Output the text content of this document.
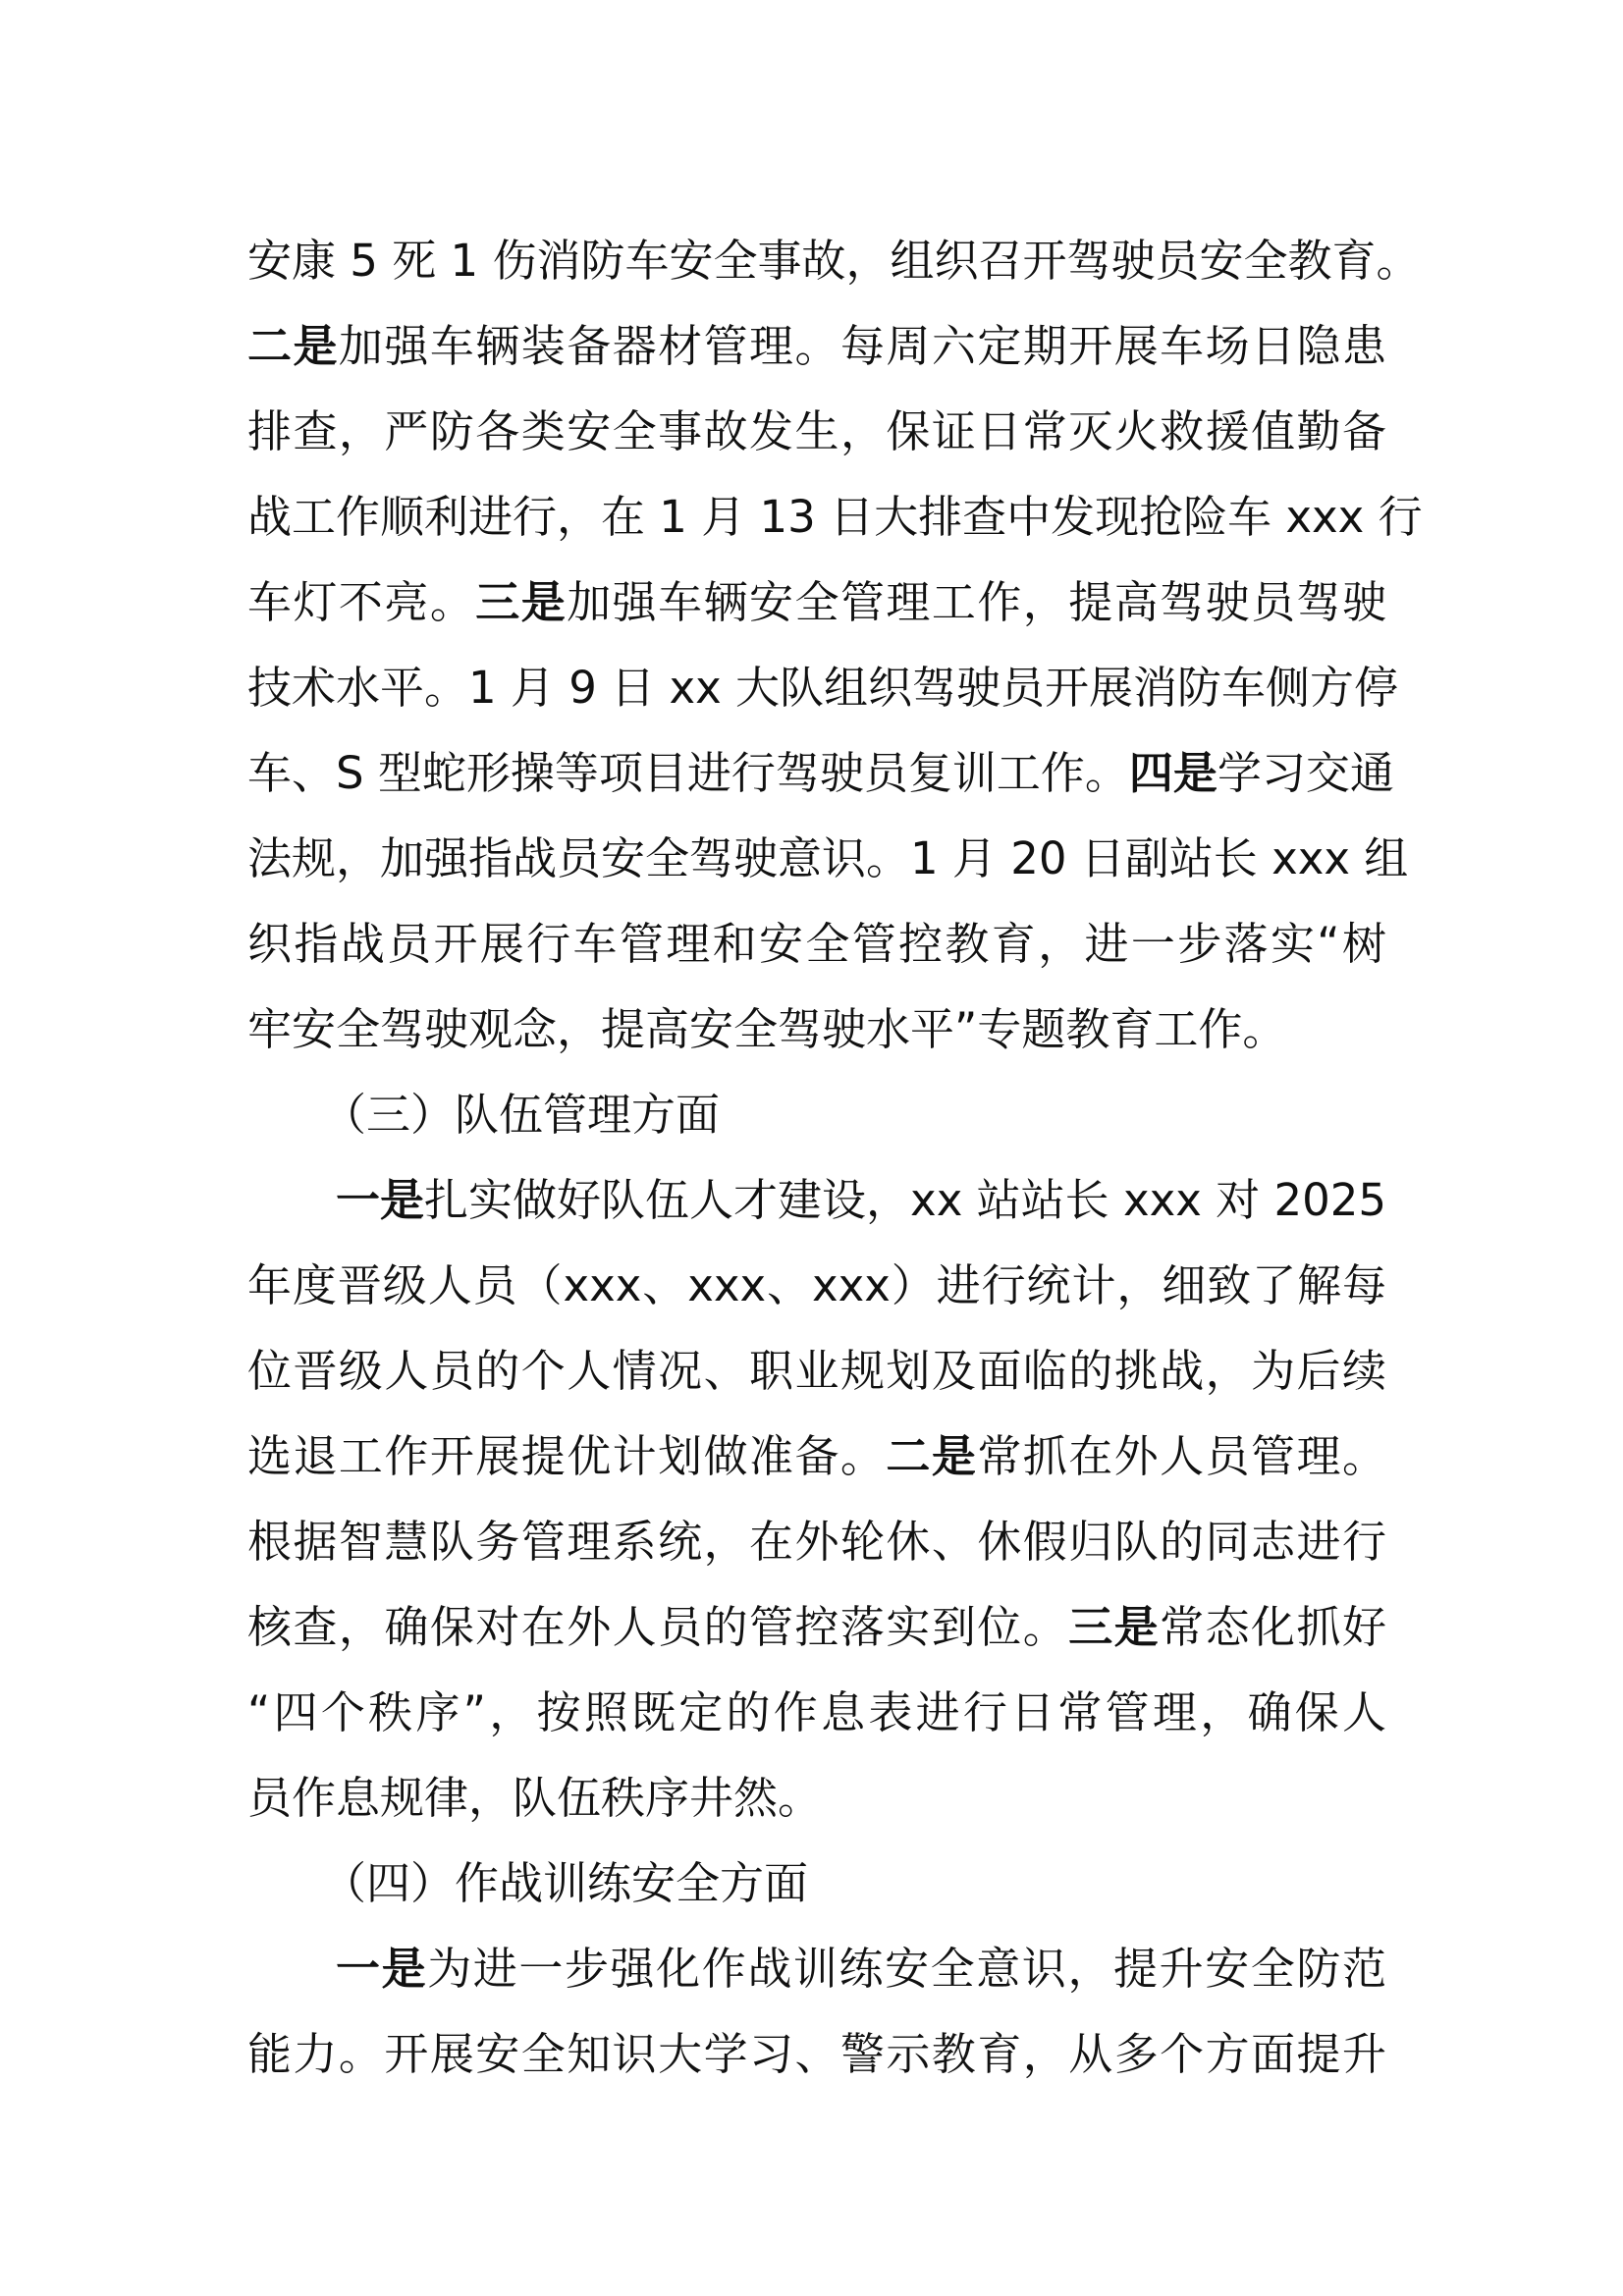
安康 5 死 1 伤消防车安全事故，组织召开驾驶员安全教育。
二是加强车辆装备器材管理。每周六定期开展车场日隐患
排查，严防各类安全事故发生，保证日常灭火救援值勤备
战工作顺利进行，在 1 月 13 日大排查中发现抢险车 xxx 行
车灯不亮。三是加强车辆安全管理工作，提高驾驶员驾驶
技术水平。1 月 9 日 xx 大队组织驾驶员开展消防车侧方停
车、S 型蛇形操等项目进行驾驶员复训工作。四是学习交通
法规，加强指战员安全驾驶意识。1 月 20 日副站长 xxx 组
织指战员开展行车管理和安全管控教育，进一步落实“树
牢安全驾驶观念，提高安全驾驶水平”专题教育工作。
（三）队伍管理方面
一是扎实做好队伍人才建设，xx 站站长 xxx 对 2025
年度晋级人员（xxx、xxx、xxx）进行统计，细致了解每
位晋级人员的个人情况、职业规划及面临的挑战，为后续
选退工作开展提优计划做准备。二是常抓在外人员管理。
根据智慧队务管理系统，在外轮休、休假归队的同志进行
核查，确保对在外人员的管控落实到位。三是常态化抓好
“四个秩序”，按照既定的作息表进行日常管理，确保人
员作息规律，队伍秩序井然。
（四）作战训练安全方面
一是为进一步强化作战训练安全意识，提升安全防范
能力。开展安全知识大学习、警示教育，从多个方面提升
